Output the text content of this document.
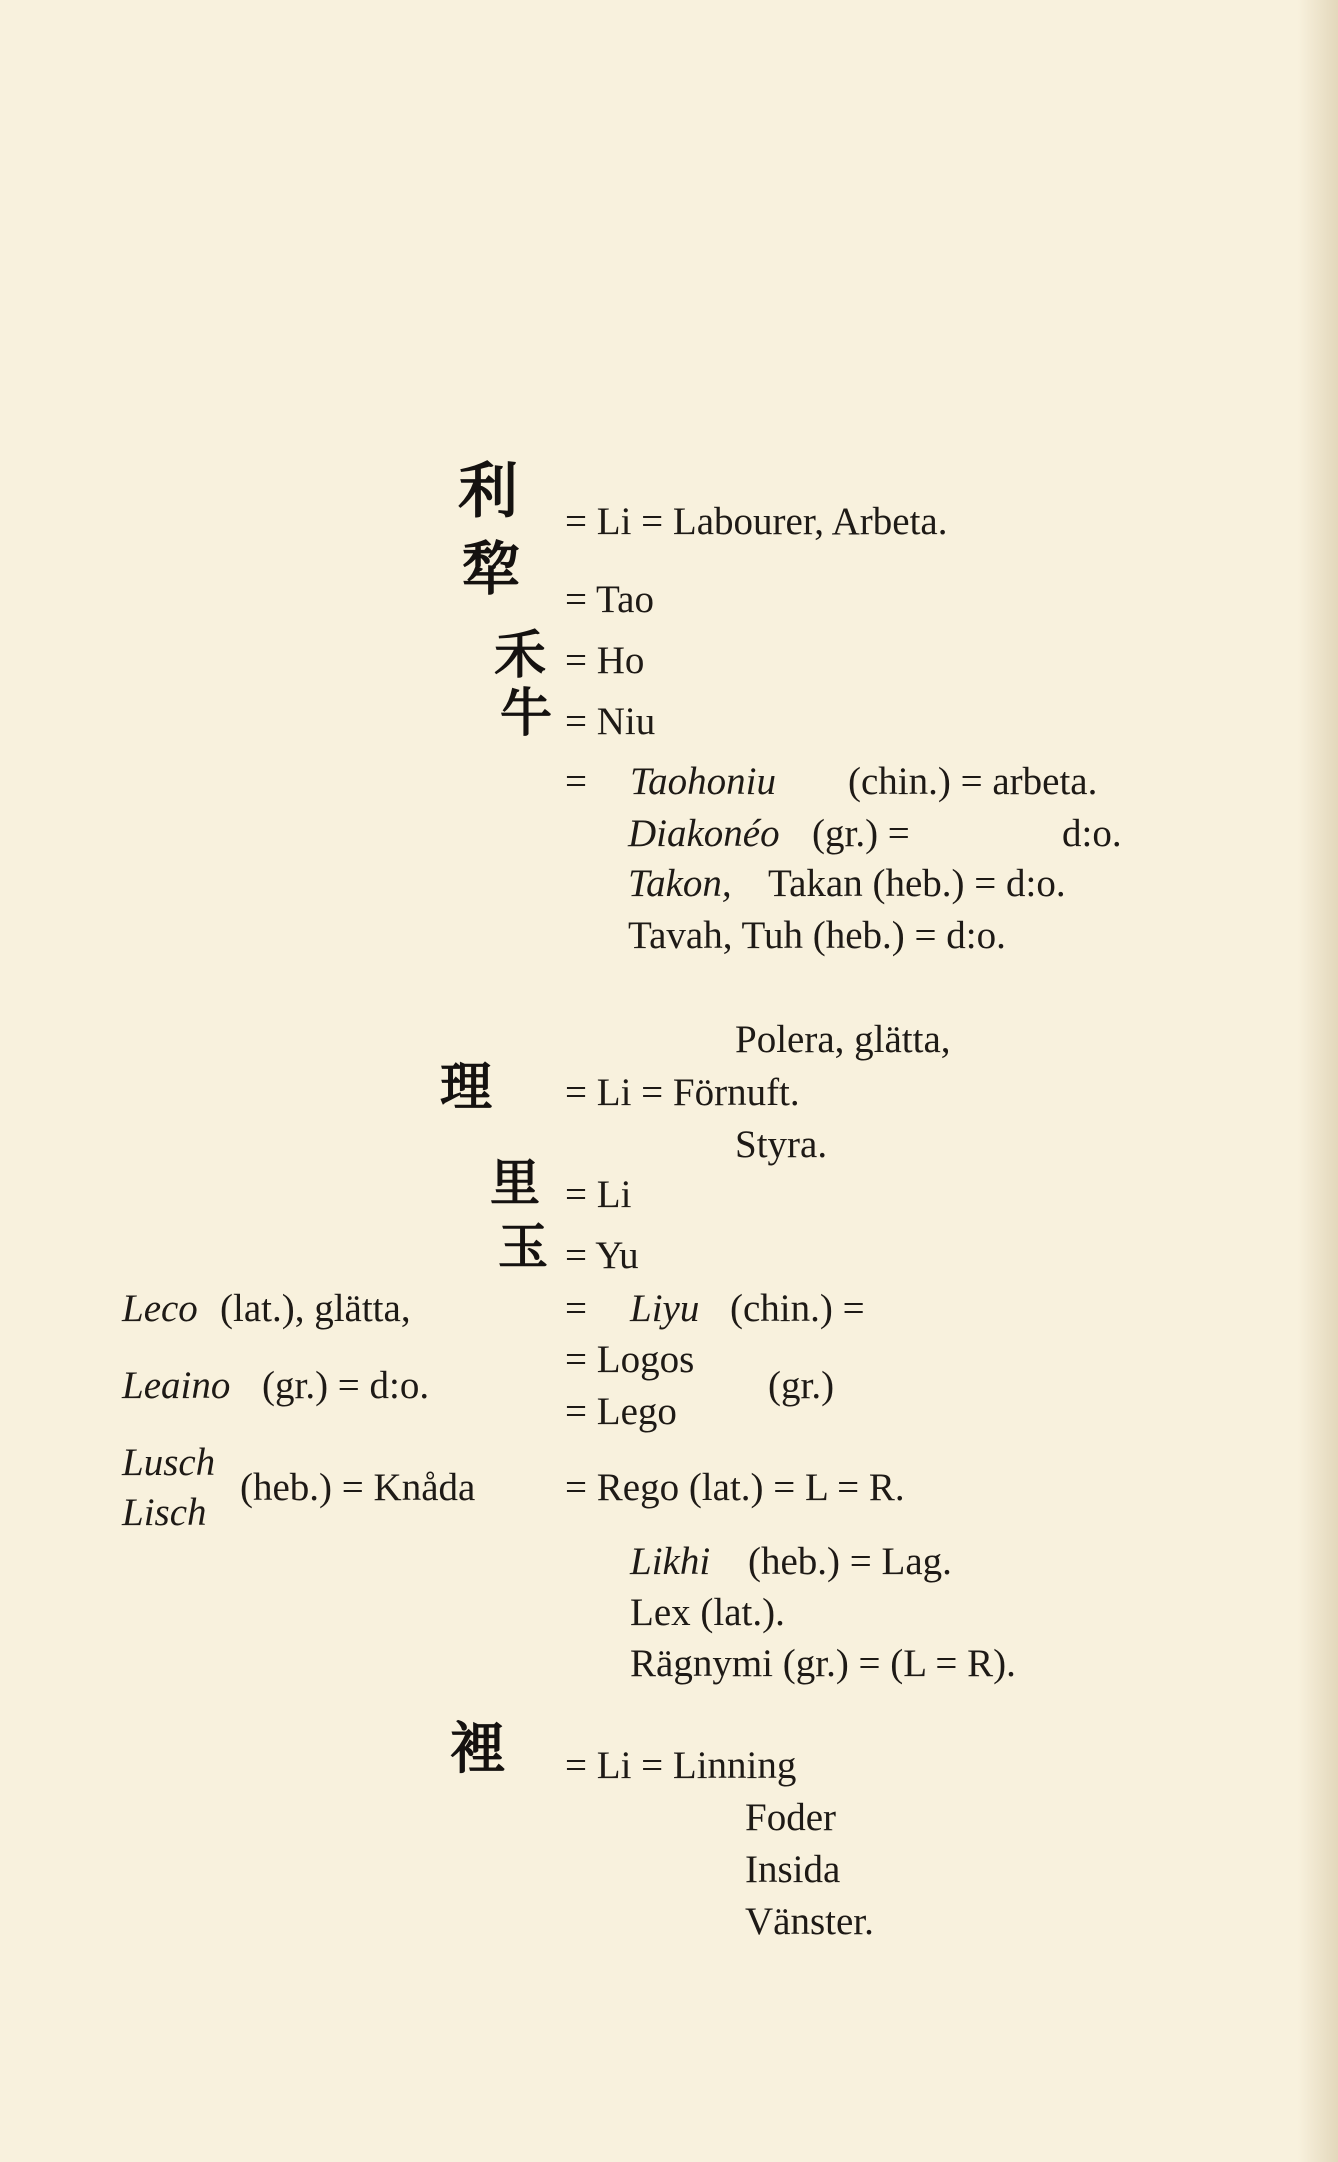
利 = Li = Labourer, Arbeta.
犂 = Tao
禾 = Ho
牛 = Niu
= Taohoniu (chin.) = arbeta.
Diakonéo (gr.) =	d:o.
Takon, Takan (heb.) = d:o.
Tavah, Tuh (heb.) = d:o.
Polera, glätta,
理 = Li = Förnuft.
Styra.
里 = Li
玉 = Yu
Leco (lat.), glätta,	= Liyu (chin.) =
Leaino (gr.) = d:o.
= Logos
= Lego
(gr.)
Lusch
Lisch
(heb.) = Knåda = Rego (lat.) = L = R.
Likhi (heb.) = Lag.
Lex (lat.).
Rägnymi (gr.) = (L = R).
裡 = Li = Linning
Foder
Insida
Vänster.
